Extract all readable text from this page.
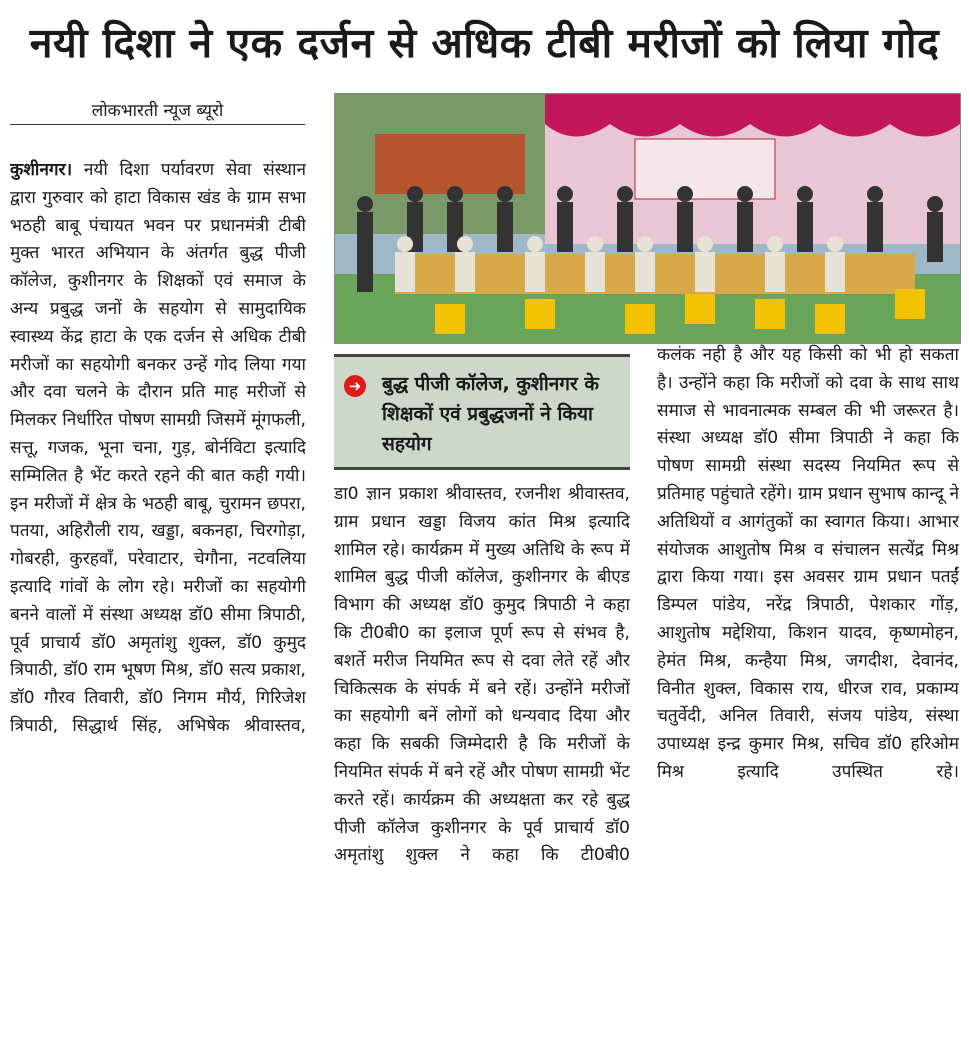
नयी दिशा ने एक दर्जन से अधिक टीबी मरीजों को लिया गोद
लोकभारती न्यूज ब्यूरो
कुशीनगर। नयी दिशा पर्यावरण सेवा संस्थान द्वारा गुरुवार को हाटा विकास खंड के ग्राम सभा भठही बाबू पंचायत भवन पर प्रधानमंत्री टीबी मुक्त भारत अभियान के अंतर्गत बुद्ध पीजी कॉलेज, कुशीनगर के शिक्षकों एवं समाज के अन्य प्रबुद्ध जनों के सहयोग से सामुदायिक स्वास्थ्य केंद्र हाटा के एक दर्जन से अधिक टीबी मरीजों का सहयोगी बनकर उन्हें गोद लिया गया और दवा चलने के दौरान प्रति माह मरीजों से मिलकर निर्धारित पोषण सामग्री जिसमें मूंगफली, सत्तू, गजक, भूना चना, गुड़, बोर्नविटा इत्यादि सम्मिलित है भेंट करते रहने की बात कही गयी। इन मरीजों में क्षेत्र के भठही बाबू, चुरामन छपरा, पतया, अहिरौली राय, खड्डा, बकनहा, चिरगोड़ा, गोबरही, कुरहवाँ, परेवाटार, चेगौना, नटवलिया इत्यादि गांवों के लोग रहे। मरीजों का सहयोगी बनने वालों में संस्था अध्यक्ष डॉ0 सीमा त्रिपाठी, पूर्व प्राचार्य डॉ0 अमृतांशु शुक्ल, डॉ0 कुमुद त्रिपाठी, डॉ0 राम भूषण मिश्र, डॉ0 सत्य प्रकाश, डॉ0 गौरव तिवारी, डॉ0 निगम मौर्य, गिरिजेश त्रिपाठी, सिद्धार्थ सिंह, अभिषेक श्रीवास्तव,
➜ बुद्ध पीजी कॉलेज, कुशीनगर के शिक्षकों एवं प्रबुद्धजनों ने किया सहयोग
डा0 ज्ञान प्रकाश श्रीवास्तव, रजनीश श्रीवास्तव, ग्राम प्रधान खड्डा विजय कांत मिश्र इत्यादि शामिल रहे। कार्यक्रम में मुख्य अतिथि के रूप में शामिल बुद्ध पीजी कॉलेज, कुशीनगर के बीएड विभाग की अध्यक्ष डॉ0 कुमुद त्रिपाठी ने कहा कि टी0बी0 का इलाज पूर्ण रूप से संभव है, बशर्ते मरीज नियमित रूप से दवा लेते रहें और चिकित्सक के संपर्क में बने रहें। उन्होंने मरीजों का सहयोगी बनें लोगों को धन्यवाद दिया और कहा कि सबकी जिम्मेदारी है कि मरीजों के नियमित संपर्क में बने रहें और पोषण सामग्री भेंट करते रहें। कार्यक्रम की अध्यक्षता कर रहे बुद्ध पीजी कॉलेज कुशीनगर के पूर्व प्राचार्य डॉ0 अमृतांशु शुक्ल ने कहा कि टी0बी0
कलंक नही है और यह किसी को भी हो सकता है। उन्होंने कहा कि मरीजों को दवा के साथ साथ समाज से भावनात्मक सम्बल की भी जरूरत है।संस्था अध्यक्ष डॉ0 सीमा त्रिपाठी ने कहा कि पोषण सामग्री संस्था सदस्य नियमित रूप से प्रतिमाह पहुंचाते रहेंगे। ग्राम प्रधान सुभाष कान्दू ने अतिथियों व आगंतुकों का स्वागत किया। आभार संयोजक आशुतोष मिश्र व संचालन सत्येंद्र मिश्र द्वारा किया गया। इस अवसर ग्राम प्रधान पतईं डिम्पल पांडेय, नरेंद्र त्रिपाठी, पेशकार गोंड़, आशुतोष मद्देशिया, किशन यादव, कृष्णमोहन, हेमंत मिश्र, कन्हैया मिश्र, जगदीश, देवानंद, विनीत शुक्ल, विकास राय, धीरज राव, प्रकाम्य चतुर्वेदी, अनिल तिवारी, संजय पांडेय, संस्था उपाध्यक्ष इन्द्र कुमार मिश्र, सचिव डॉ0 हरिओम मिश्र इत्यादि उपस्थित रहे।
